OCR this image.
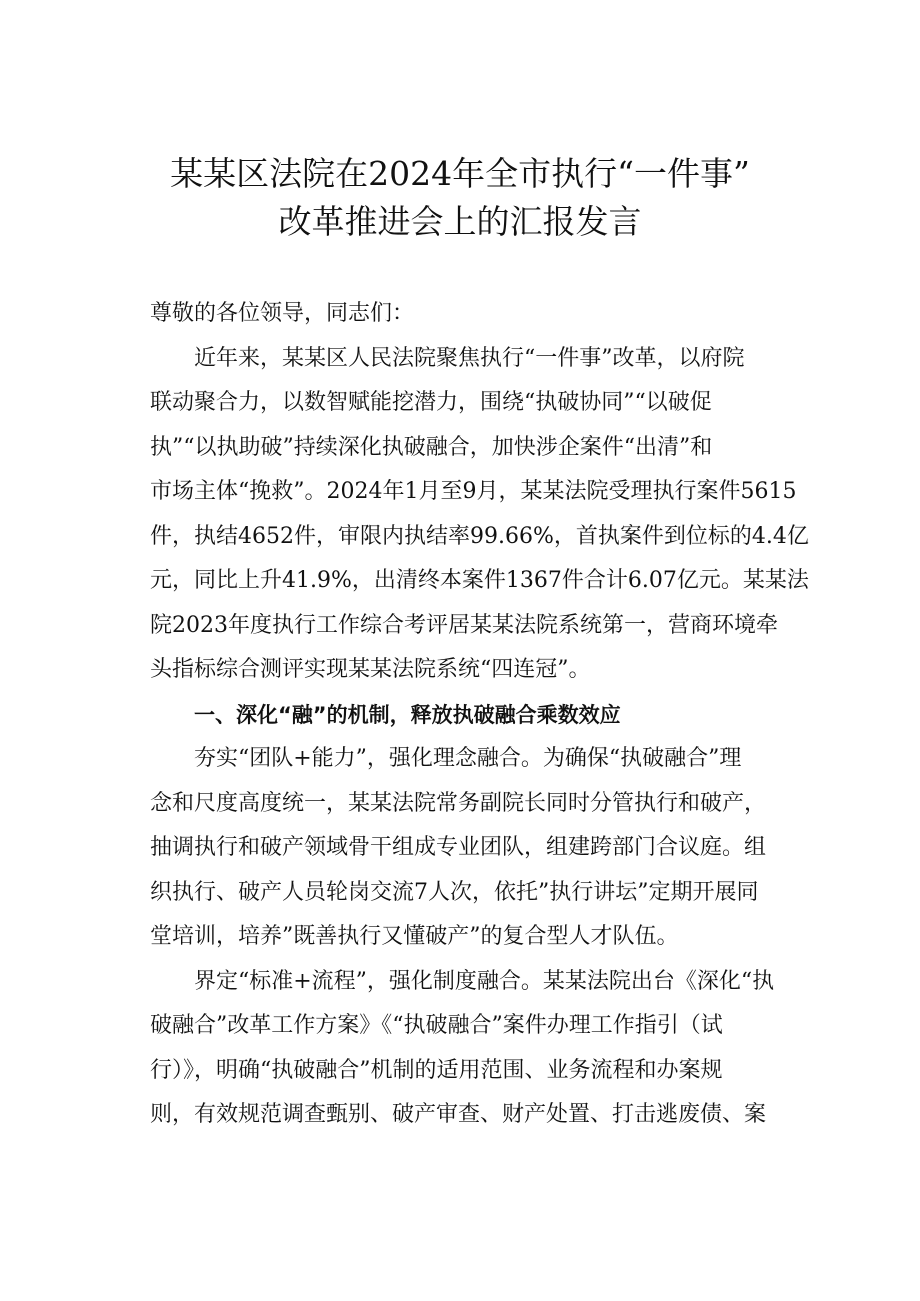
某某区法院在2024年全市执行“一件事”
改革推进会上的汇报发言

尊敬的各位领导，同志们：

近年来，某某区人民法院聚焦执行“一件事”改革，以府院
联动聚合力，以数智赋能挖潜力，围绕“执破协同”“以破促
执”“以执助破”持续深化执破融合，加快涉企案件“出清”和
市场主体“挽救”。2024年1月至9月，某某法院受理执行案件5615
件，执结4652件，审限内执结率99.66%，首执案件到位标的4.4亿
元，同比上升41.9%，出清终本案件1367件合计6.07亿元。某某法
院2023年度执行工作综合考评居某某法院系统第一，营商环境牵
头指标综合测评实现某某法院系统“四连冠”。

一、深化“融”的机制，释放执破融合乘数效应

夯实“团队+能力”，强化理念融合。为确保“执破融合”理
念和尺度高度统一，某某法院常务副院长同时分管执行和破产，
抽调执行和破产领域骨干组成专业团队，组建跨部门合议庭。组
织执行、破产人员轮岗交流7人次，依托”执行讲坛”定期开展同
堂培训，培养”既善执行又懂破产”的复合型人才队伍。

界定“标准+流程”，强化制度融合。某某法院出台《深化“执
破融合”改革工作方案》《“执破融合”案件办理工作指引（试
行）》，明确“执破融合”机制的适用范围、业务流程和办案规
则，有效规范调查甄别、破产审查、财产处置、打击逃废债、案
